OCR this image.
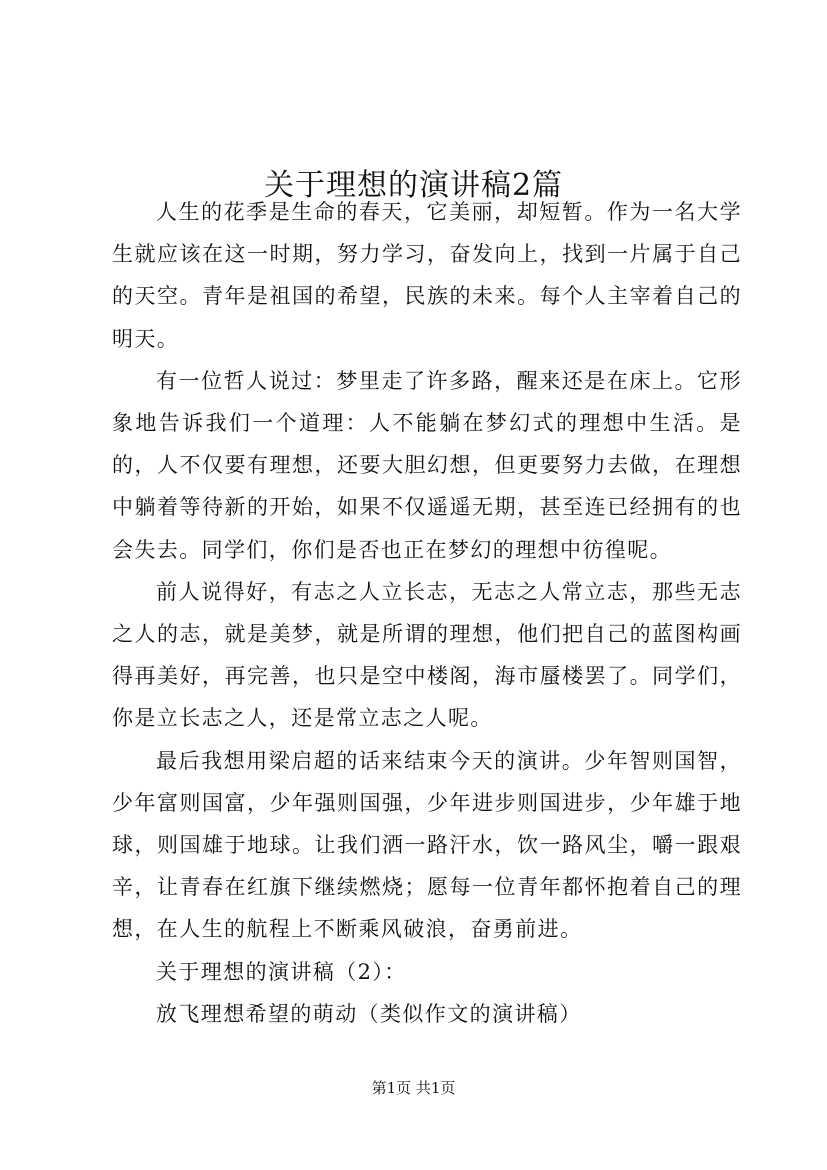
关于理想的演讲稿2篇

人生的花季是生命的春天，它美丽，却短暂。作为一名大学生就应该在这一时期，努力学习，奋发向上，找到一片属于自己的天空。青年是祖国的希望，民族的未来。每个人主宰着自己的明天。

有一位哲人说过：梦里走了许多路，醒来还是在床上。它形象地告诉我们一个道理：人不能躺在梦幻式的理想中生活。是的，人不仅要有理想，还要大胆幻想，但更要努力去做，在理想中躺着等待新的开始，如果不仅遥遥无期，甚至连已经拥有的也会失去。同学们，你们是否也正在梦幻的理想中彷徨呢。

前人说得好，有志之人立长志，无志之人常立志，那些无志之人的志，就是美梦，就是所谓的理想，他们把自己的蓝图构画得再美好，再完善，也只是空中楼阁，海市蜃楼罢了。同学们，你是立长志之人，还是常立志之人呢。

最后我想用梁启超的话来结束今天的演讲。少年智则国智，少年富则国富，少年强则国强，少年进步则国进步，少年雄于地球，则国雄于地球。让我们洒一路汗水，饮一路风尘，嚼一跟艰辛，让青春在红旗下继续燃烧；愿每一位青年都怀抱着自己的理想，在人生的航程上不断乘风破浪，奋勇前进。

关于理想的演讲稿（2）：

放飞理想希望的萌动（类似作文的演讲稿）

第1页 共1页
